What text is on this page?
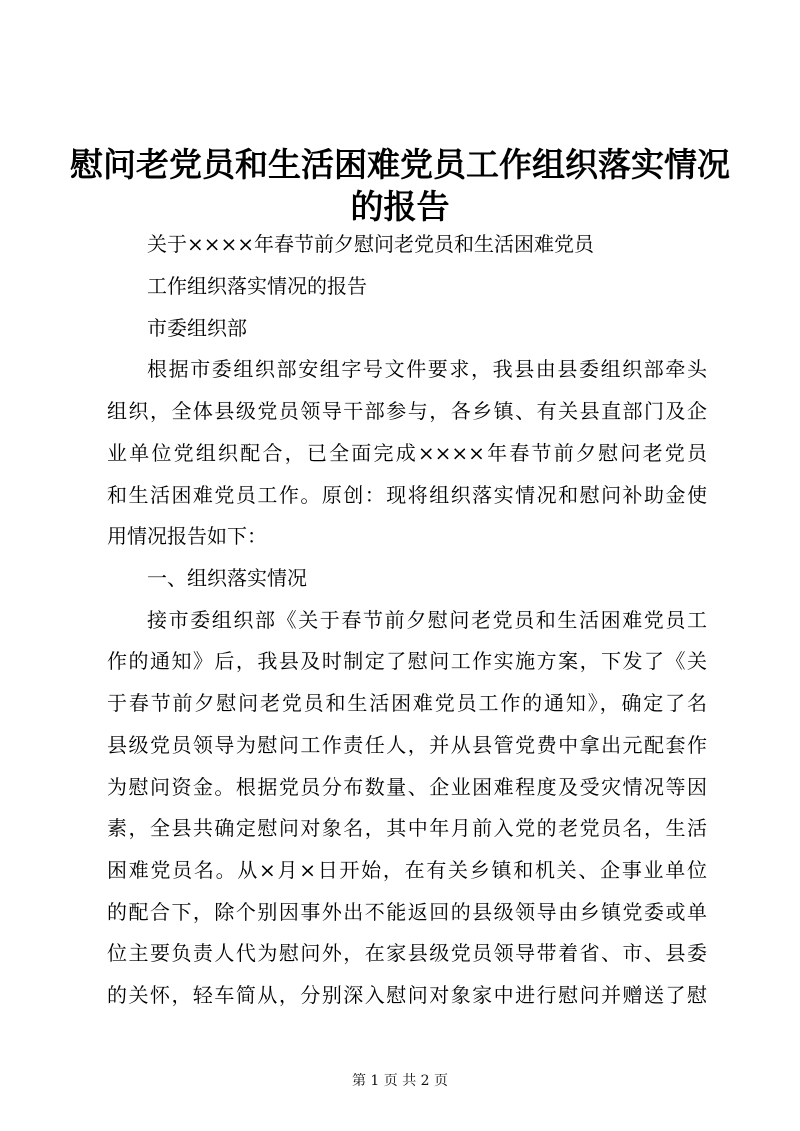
慰问老党员和生活困难党员工作组织落实情况
的报告
关于××××年春节前夕慰问老党员和生活困难党员
工作组织落实情况的报告
市委组织部
根据市委组织部安组字号文件要求，我县由县委组织部牵头
组织，全体县级党员领导干部参与，各乡镇、有关县直部门及企
业单位党组织配合，已全面完成××××年春节前夕慰问老党员
和生活困难党员工作。原创：现将组织落实情况和慰问补助金使
用情况报告如下：
一、组织落实情况
接市委组织部《关于春节前夕慰问老党员和生活困难党员工
作的通知》后，我县及时制定了慰问工作实施方案，下发了《关
于春节前夕慰问老党员和生活困难党员工作的通知》，确定了名
县级党员领导为慰问工作责任人，并从县管党费中拿出元配套作
为慰问资金。根据党员分布数量、企业困难程度及受灾情况等因
素，全县共确定慰问对象名，其中年月前入党的老党员名，生活
困难党员名。从×月×日开始，在有关乡镇和机关、企事业单位
的配合下，除个别因事外出不能返回的县级领导由乡镇党委或单
位主要负责人代为慰问外，在家县级党员领导带着省、市、县委
的关怀，轻车简从，分别深入慰问对象家中进行慰问并赠送了慰
第 1 页 共 2 页
